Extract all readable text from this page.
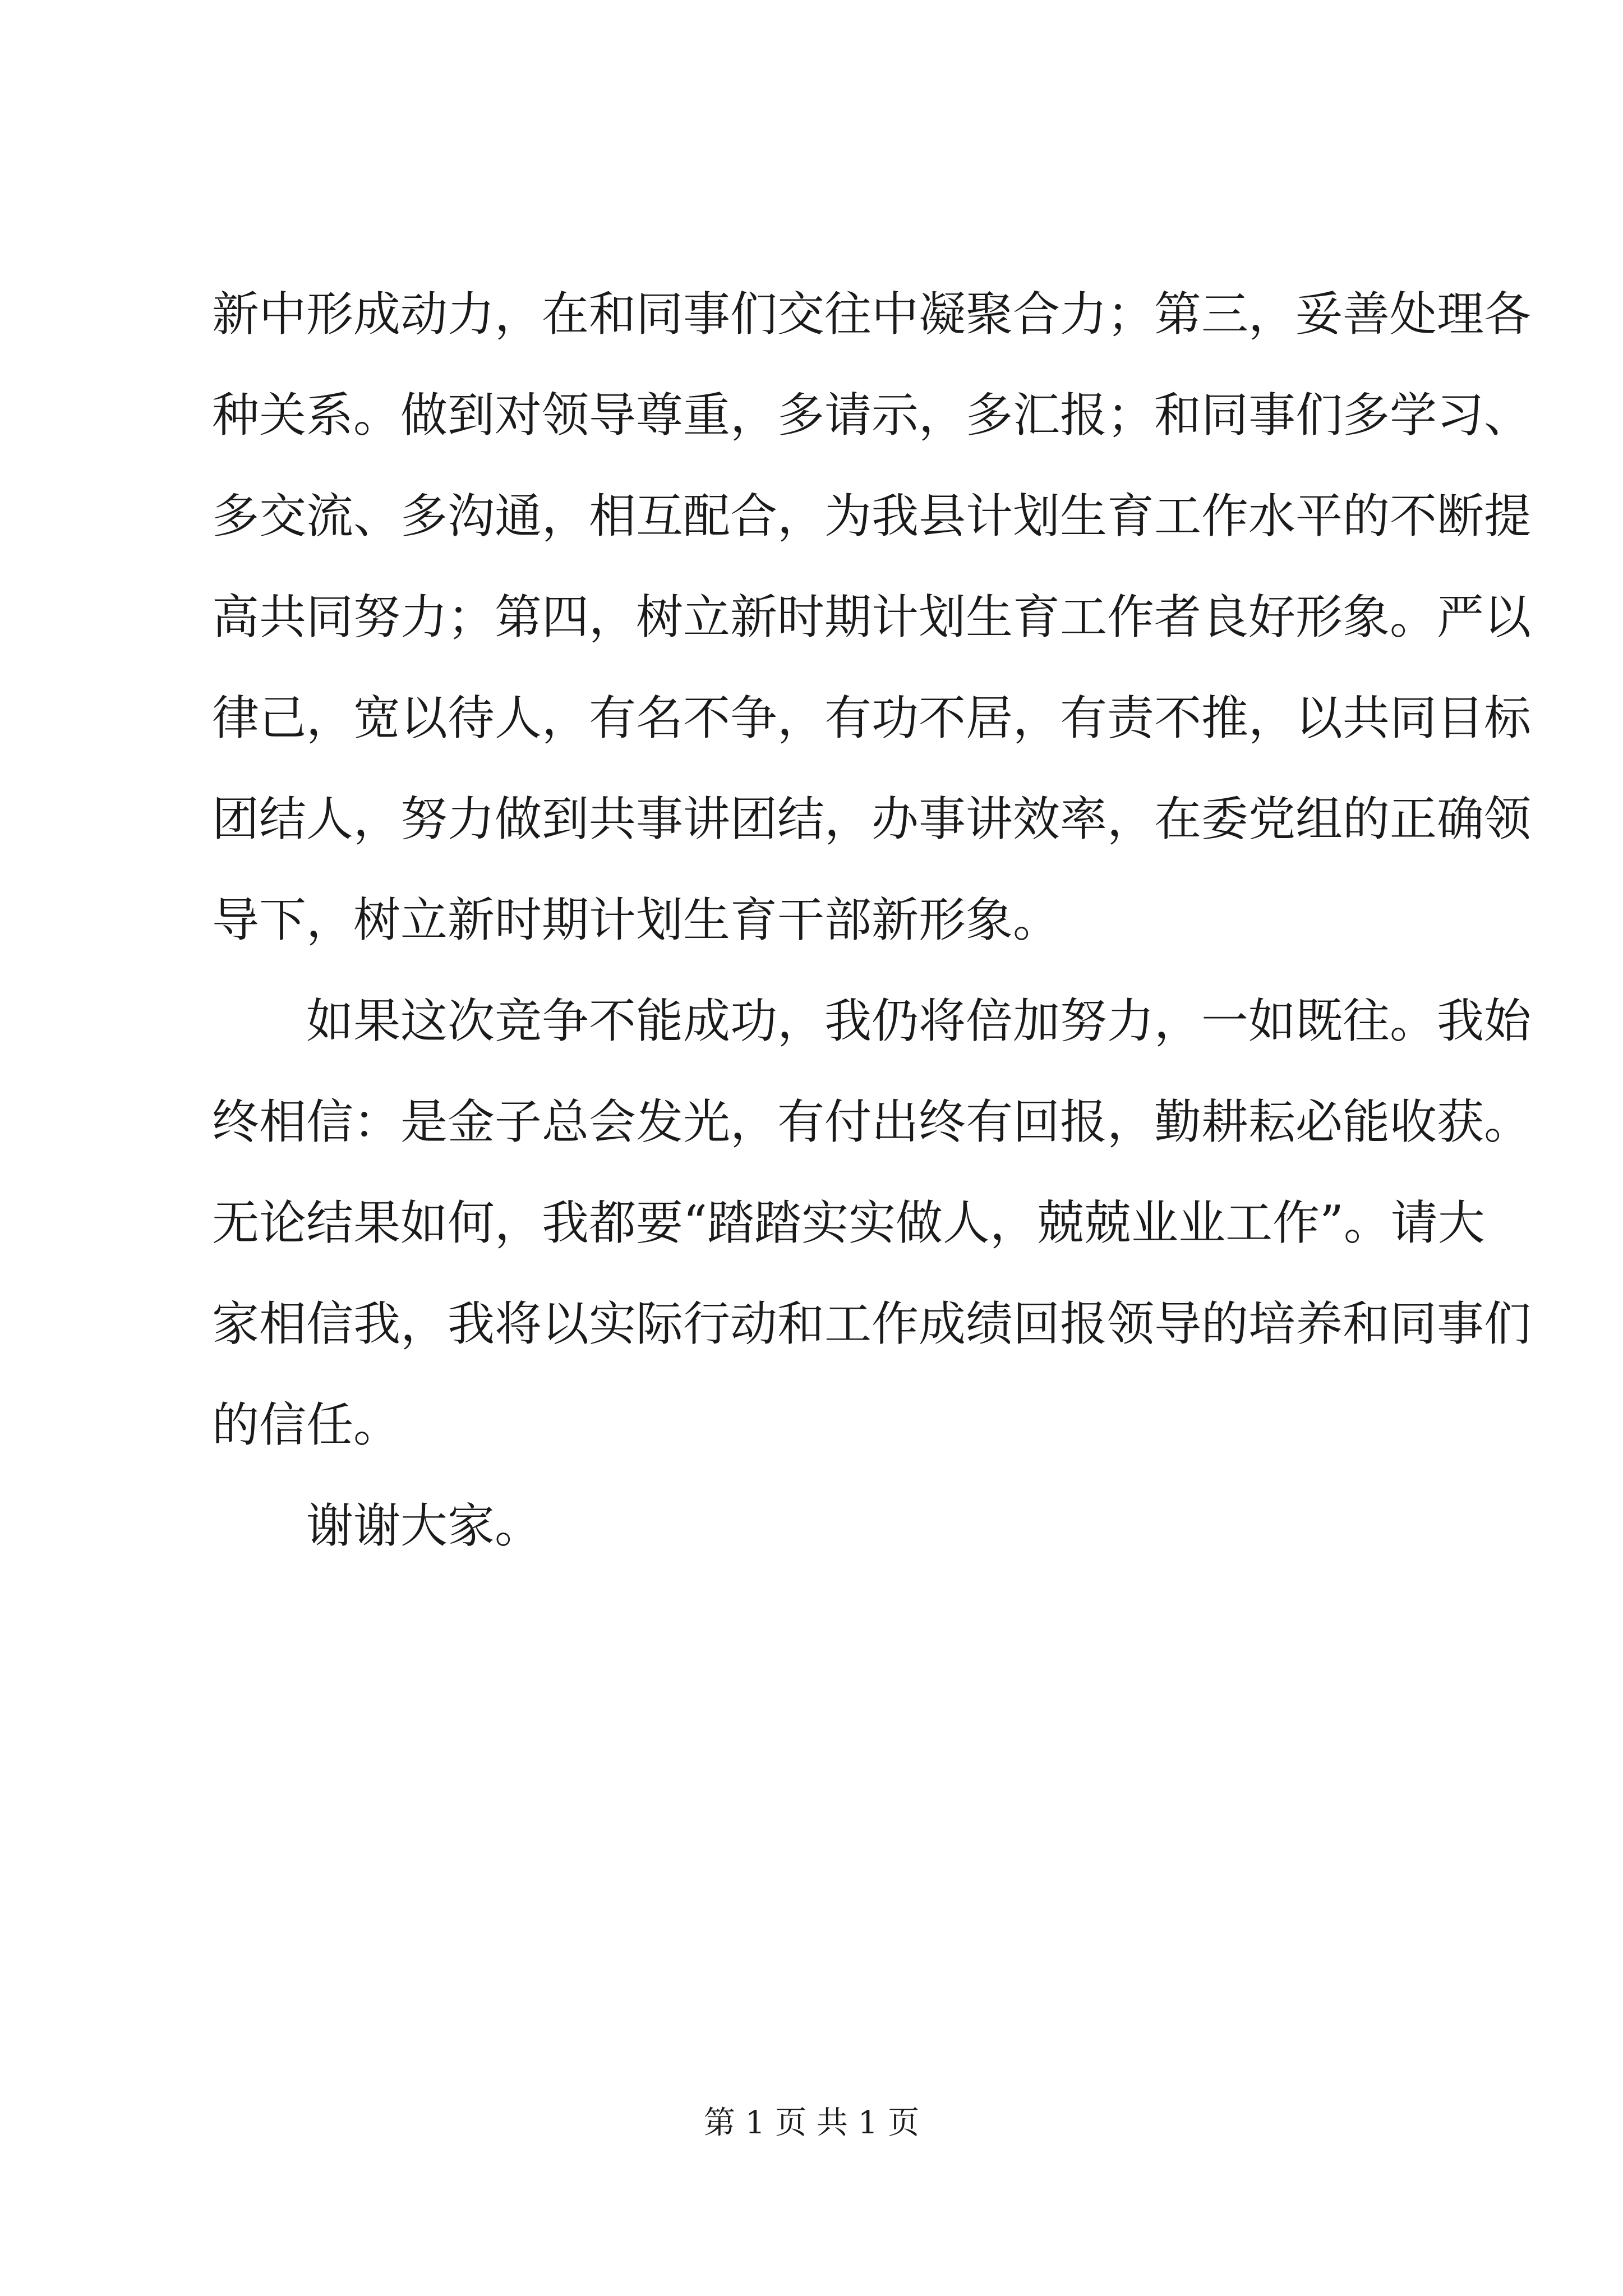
新中形成动力，在和同事们交往中凝聚合力；第三，妥善处理各
种关系。做到对领导尊重，多请示，多汇报；和同事们多学习、
多交流、多沟通，相互配合，为我县计划生育工作水平的不断提
高共同努力；第四，树立新时期计划生育工作者良好形象。严以
律己，宽以待人，有名不争，有功不居，有责不推，以共同目标
团结人，努力做到共事讲团结，办事讲效率，在委党组的正确领
导下，树立新时期计划生育干部新形象。
如果这次竞争不能成功，我仍将倍加努力，一如既往。我始
终相信：是金子总会发光，有付出终有回报，勤耕耘必能收获。
无论结果如何，我都要“踏踏实实做人，兢兢业业工作”。请大
家相信我，我将以实际行动和工作成绩回报领导的培养和同事们
的信任。
谢谢大家。
第 1 页 共 1 页
